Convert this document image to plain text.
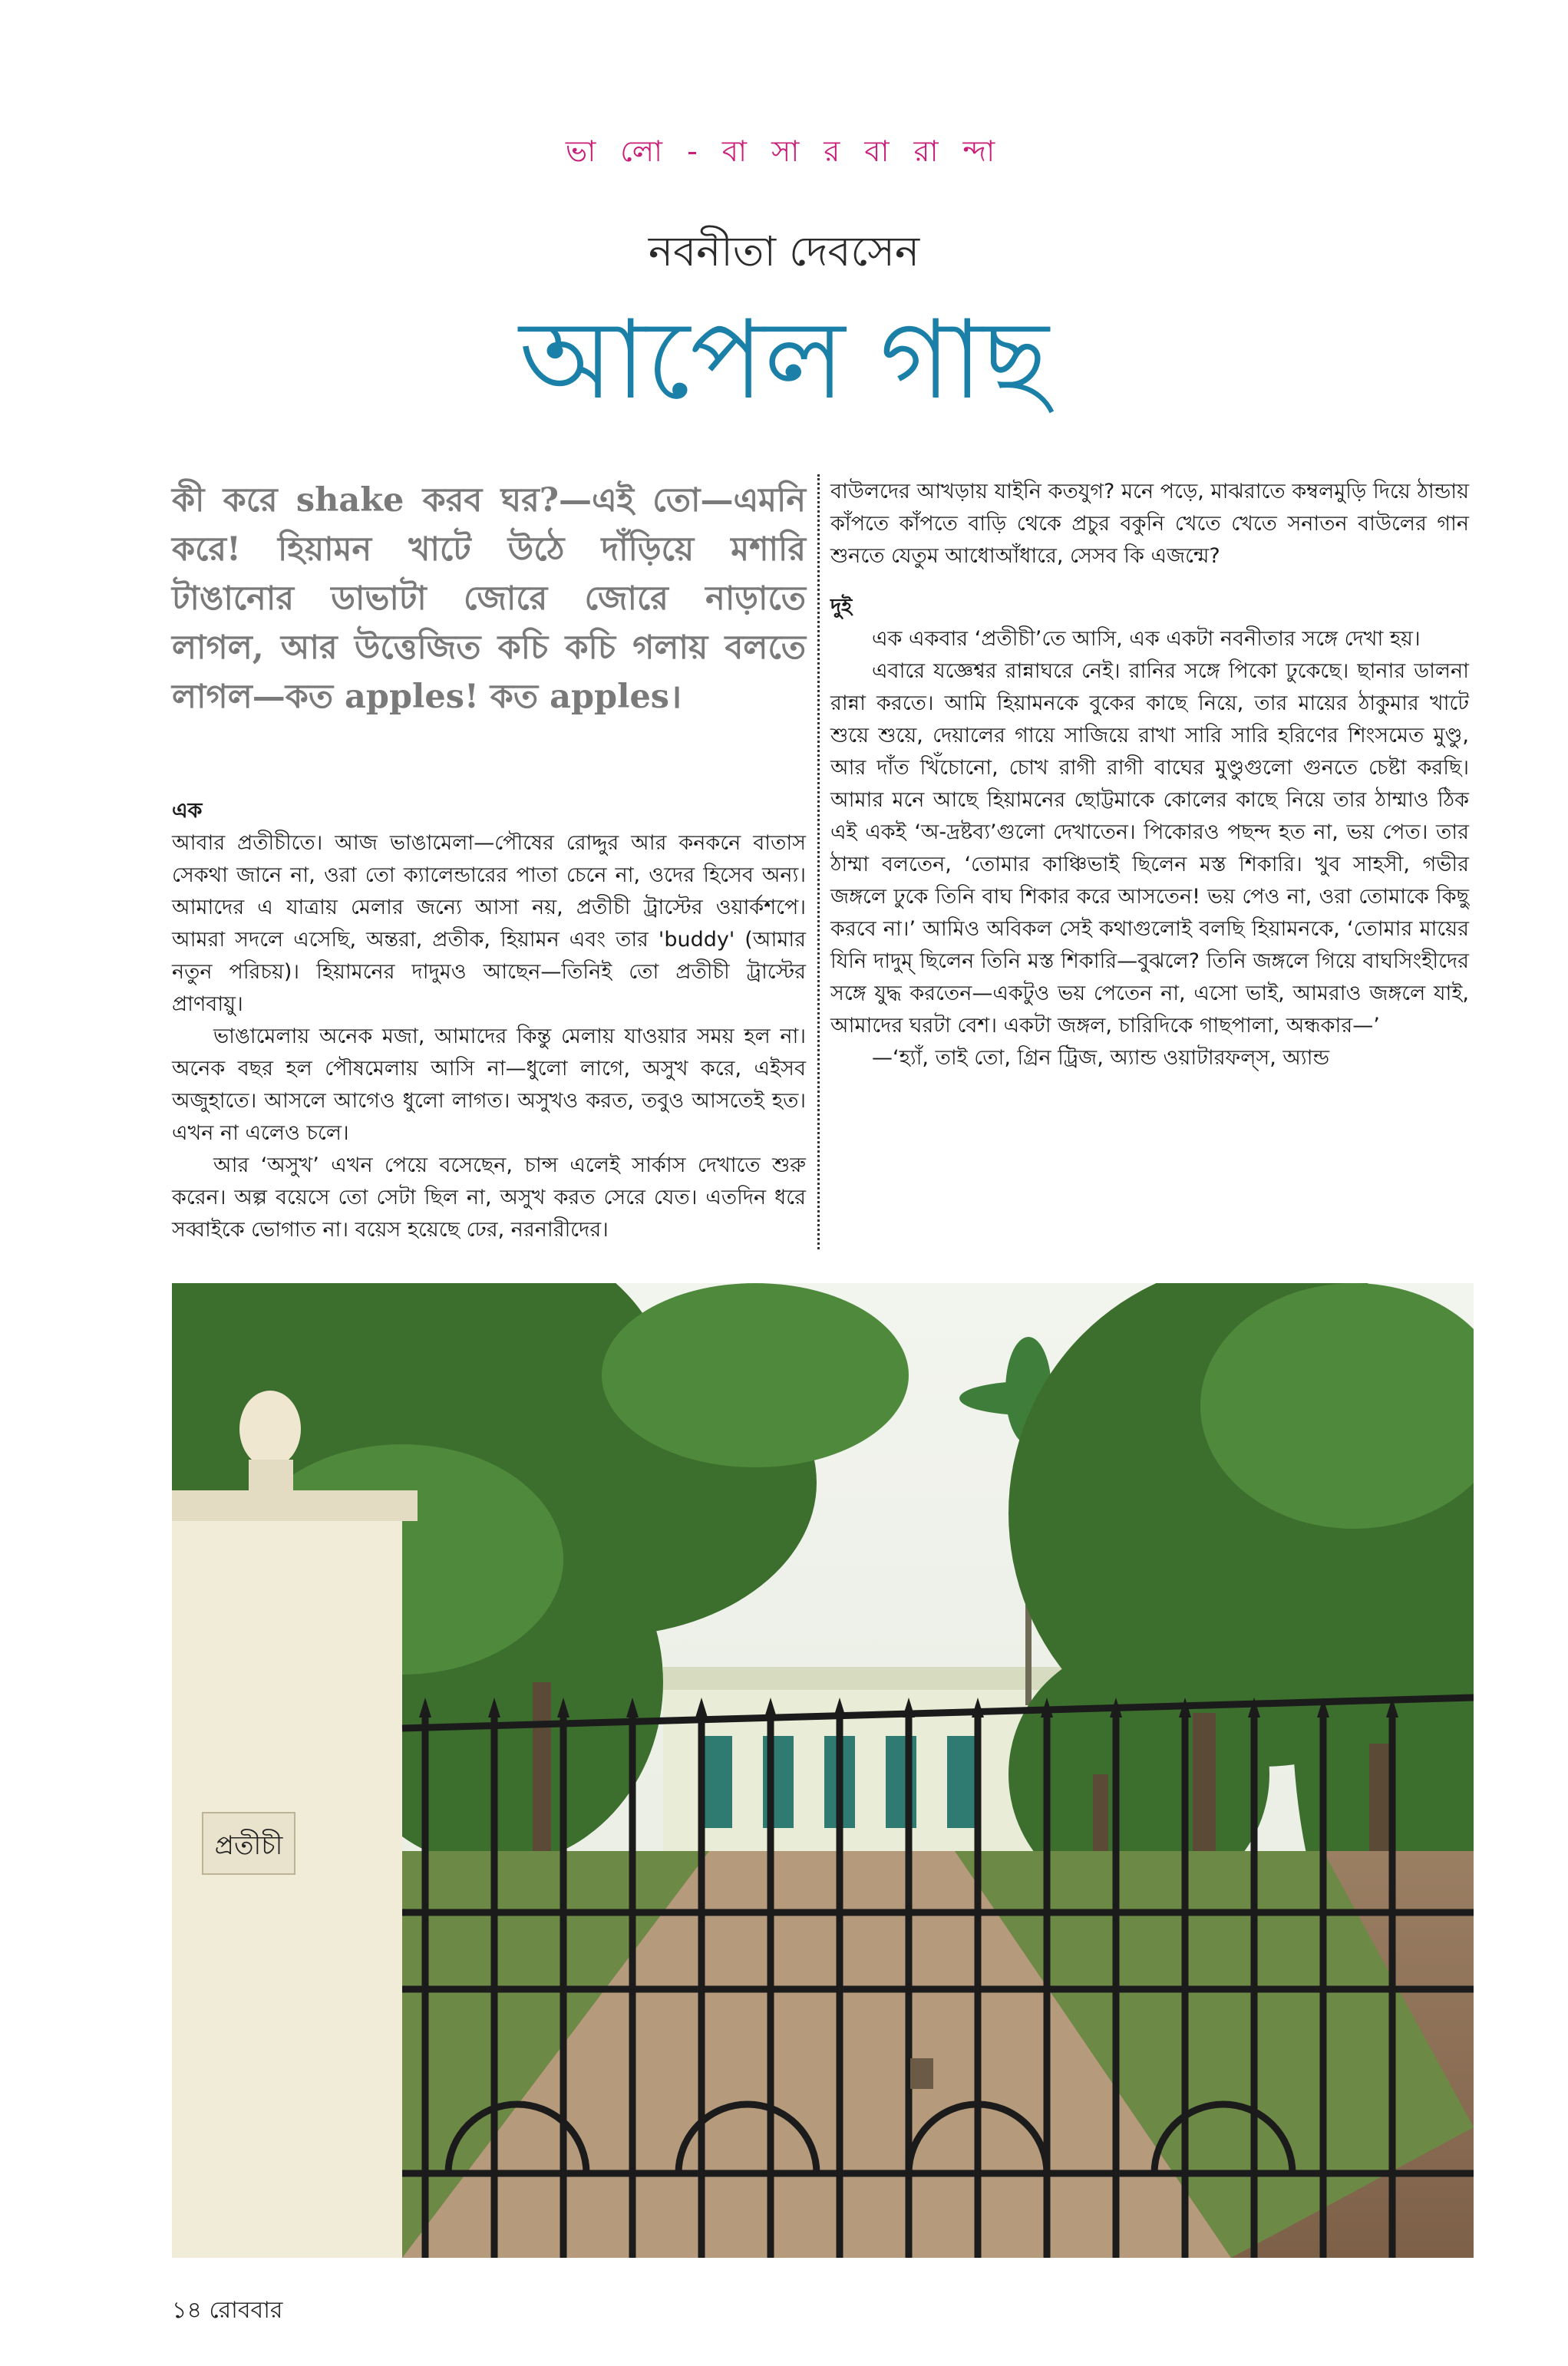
ভা লো - বা সা র বা রা ন্দা
নবনীতা দেবসেন
আপেল গাছ

কী করে shake করব ঘর?—এই তো—এমনি করে! হিয়ামন খাটে উঠে দাঁড়িয়ে মশারি টাঙানোর ডাভাটা জোরে জোরে নাড়াতে লাগল, আর উত্তেজিত কচি কচি গলায় বলতে লাগল—কত apples! কত apples।

এক

আবার প্রতীচীতে। আজ ভাঙামেলা—পৌষের রোদ্দুর আর কনকনে বাতাস সেকথা জানে না, ওরা তো ক্যালেন্ডারের পাতা চেনে না, ওদের হিসেব অন্য। আমাদের এ যাত্রায় মেলার জন্যে আসা নয়, প্রতীচী ট্রাস্টের ওয়ার্কশপে। আমরা সদলে এসেছি, অন্তরা, প্রতীক, হিয়ামন এবং তার 'buddy' (আমার নতুন পরিচয়)। হিয়ামনের দাদুমও আছেন—তিনিই তো প্রতীচী ট্রাস্টের প্রাণবায়ু।

ভাঙামেলায় অনেক মজা, আমাদের কিন্তু মেলায় যাওয়ার সময় হল না। অনেক বছর হল পৌষমেলায় আসি না—ধুলো লাগে, অসুখ করে, এইসব অজুহাতে। আসলে আগেও ধুলো লাগত। অসুখও করত, তবুও আসতেই হত। এখন না এলেও চলে।

আর ‘অসুখ’ এখন পেয়ে বসেছেন, চান্স এলেই সার্কাস দেখাতে শুরু করেন। অল্প বয়েসে তো সেটা ছিল না, অসুখ করত সেরে যেত। এতদিন ধরে সব্বাইকে ভোগাত না। বয়েস হয়েছে ঢের, নরনারীদের।

বাউলদের আখড়ায় যাইনি কতযুগ? মনে পড়ে, মাঝরাতে কম্বলমুড়ি দিয়ে ঠান্ডায় কাঁপতে কাঁপতে বাড়ি থেকে প্রচুর বকুনি খেতে খেতে সনাতন বাউলের গান শুনতে যেতুম আধোআঁধারে, সেসব কি এজন্মে?

দুই

এক একবার ‘প্রতীচী’তে আসি, এক একটা নবনীতার সঙ্গে দেখা হয়।

এবারে যজ্ঞেশ্বর রান্নাঘরে নেই। রানির সঙ্গে পিকো ঢুকেছে। ছানার ডালনা রান্না করতে। আমি হিয়ামনকে বুকের কাছে নিয়ে, তার মায়ের ঠাকুমার খাটে শুয়ে শুয়ে, দেয়ালের গায়ে সাজিয়ে রাখা সারি সারি হরিণের শিংসমেত মুণ্ডু, আর দাঁত খিঁচোনো, চোখ রাগী রাগী বাঘের মুণ্ডুগুলো গুনতে চেষ্টা করছি। আমার মনে আছে হিয়ামনের ছোট্টমাকে কোলের কাছে নিয়ে তার ঠাম্মাও ঠিক এই একই ‘অ-দ্রষ্টব্য’গুলো দেখাতেন। পিকোরও পছন্দ হত না, ভয় পেত। তার ঠাম্মা বলতেন, ‘তোমার কাঞ্চিভাই ছিলেন মস্ত শিকারি। খুব সাহসী, গভীর জঙ্গলে ঢুকে তিনি বাঘ শিকার করে আসতেন! ভয় পেও না, ওরা তোমাকে কিছু করবে না।’ আমিও অবিকল সেই কথাগুলোই বলছি হিয়ামনকে, ‘তোমার মায়ের যিনি দাদুম্ ছিলেন তিনি মস্ত শিকারি—বুঝলে? তিনি জঙ্গলে গিয়ে বাঘসিংহীদের সঙ্গে যুদ্ধ করতেন—একটুও ভয় পেতেন না, এসো ভাই, আমরাও জঙ্গলে যাই, আমাদের ঘরটা বেশ। একটা জঙ্গল, চারিদিকে গাছপালা, অন্ধকার—’

—‘হ্যাঁ, তাই তো, গ্রিন ট্রিজ, অ্যান্ড ওয়াটারফল্স, অ্যান্ড

প্রতীচী
১৪ রোববার
